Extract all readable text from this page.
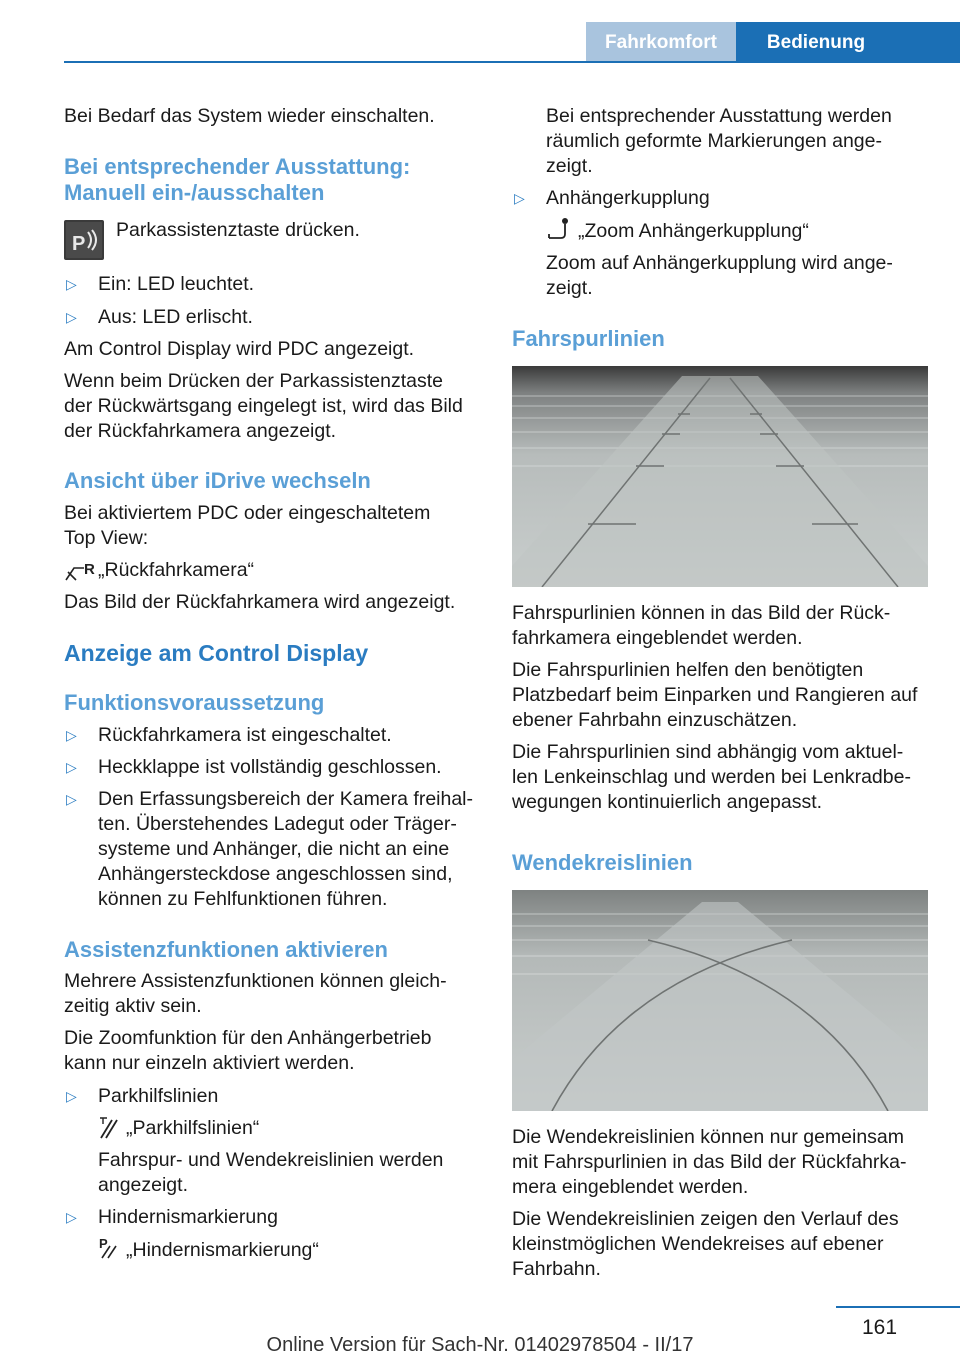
Fahrkomfort	Bedienung
Bei Bedarf das System wieder einschalten.
Bei entsprechender Ausstattung:
Manuell ein-/ausschalten
P
Parkassistenztaste drücken.
▷ Ein: LED leuchtet.
▷ Aus: LED erlischt.
Am Control Display wird PDC angezeigt.
Wenn beim Drücken der Parkassistenztaste
der Rückwärtsgang eingelegt ist, wird das Bild
der Rückfahrkamera angezeigt.
Ansicht über iDrive wechseln
Bei aktiviertem PDC oder eingeschaltetem
Top View:
R „Rückfahrkamera“
Das Bild der Rückfahrkamera wird angezeigt.
Anzeige am Control Display
Funktionsvoraussetzung
▷ Rückfahrkamera ist eingeschaltet.
▷ Heckklappe ist vollständig geschlossen.
▷ Den Erfassungsbereich der Kamera freihal-
ten. Überstehendes Ladegut oder Träger-
systeme und Anhänger, die nicht an eine
Anhängersteckdose angeschlossen sind,
können zu Fehlfunktionen führen.
Assistenzfunktionen aktivieren
Mehrere Assistenzfunktionen können gleich-
zeitig aktiv sein.
Die Zoomfunktion für den Anhängerbetrieb
kann nur einzeln aktiviert werden.
▷ Parkhilfslinien
„Parkhilfslinien“
Fahrspur- und Wendekreislinien werden
angezeigt.
▷ Hindernismarkierung
P „Hindernismarkierung“
Bei entsprechender Ausstattung werden
räumlich geformte Markierungen ange-
zeigt.
▷ Anhängerkupplung
„Zoom Anhängerkupplung“
Zoom auf Anhängerkupplung wird ange-
zeigt.
Fahrspurlinien
Fahrspurlinien können in das Bild der Rück-
fahrkamera eingeblendet werden.
Die Fahrspurlinien helfen den benötigten
Platzbedarf beim Einparken und Rangieren auf
ebener Fahrbahn einzuschätzen.
Die Fahrspurlinien sind abhängig vom aktuel-
len Lenkeinschlag und werden bei Lenkradbe-
wegungen kontinuierlich angepasst.
Wendekreislinien
Die Wendekreislinien können nur gemeinsam
mit Fahrspurlinien in das Bild der Rückfahrka-
mera eingeblendet werden.
Die Wendekreislinien zeigen den Verlauf des
kleinstmöglichen Wendekreises auf ebener
Fahrbahn.
161
Online Version für Sach-Nr. 01402978504 - II/17
